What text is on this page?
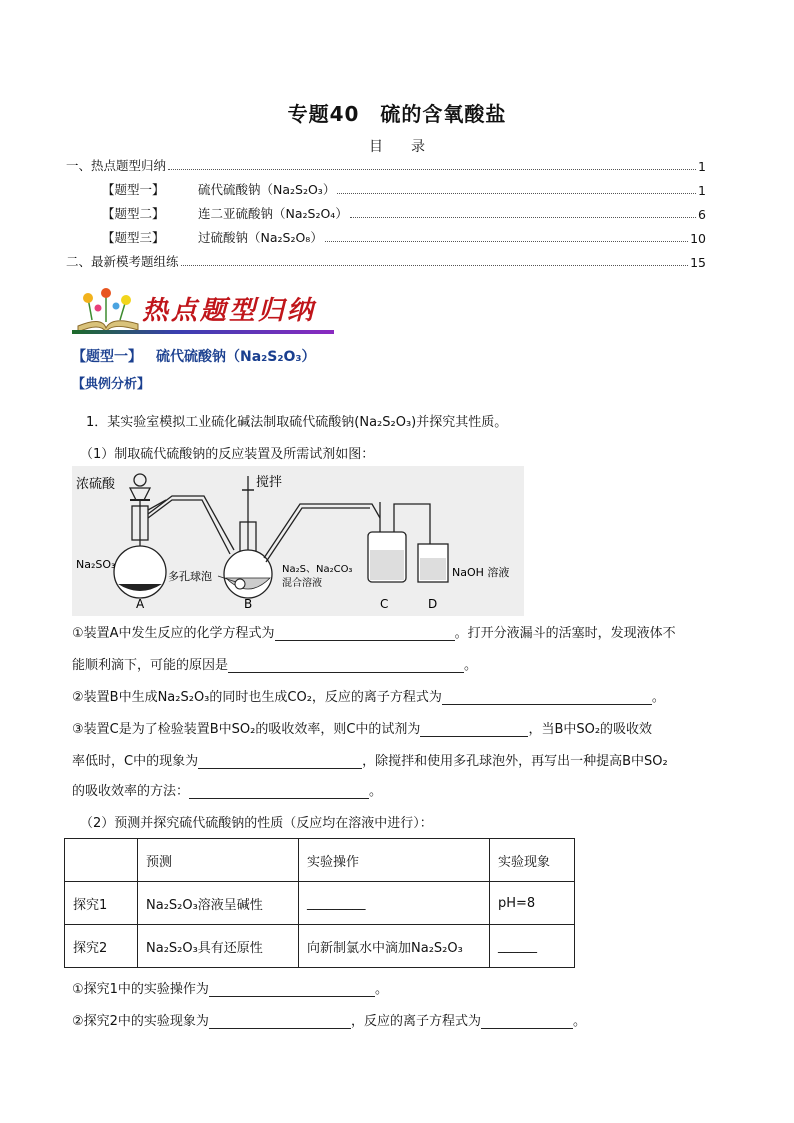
专题40　硫的含氧酸盐
目　　录
一、热点题型归纳	1
【题型一】	硫代硫酸钠（Na₂S₂O₃）	1
【题型二】	连二亚硫酸钠（Na₂S₂O₄）	6
【题型三】	过硫酸钠（Na₂S₂O₈）	10
二、最新模考题组练	15
热点题型归纳
【题型一】 硫代硫酸钠（Na₂S₂O₃）
【典例分析】
1．某实验室模拟工业硫化碱法制取硫代硫酸钠(Na₂S₂O₃)并探究其性质。
（1）制取硫代硫酸钠的反应装置及所需试剂如图：
浓硫酸
Na₂SO₃
A
搅拌
多孔球泡
Na₂S、Na₂CO₃
混合溶液
B	C
NaOH 溶液
D
①装置A中发生反应的化学方程式为	。打开分液漏斗的活塞时，发现液体不
能顺利滴下，可能的原因是	。
②装置B中生成Na₂S₂O₃的同时也生成CO₂，反应的离子方程式为	。
③装置C是为了检验装置B中SO₂的吸收效率，则C中的试剂为	，当B中SO₂的吸收效
率低时，C中的现象为	，除搅拌和使用多孔球泡外，再写出一种提高B中SO₂
的吸收效率的方法：	。
（2）预测并探究硫代硫酸钠的性质（反应均在溶液中进行）：
	预测	实验操作	实验现象
探究1	Na₂S₂O₃溶液呈碱性	_________	pH=8
探究2	Na₂S₂O₃具有还原性	向新制氯水中滴加Na₂S₂O₃	______
①探究1中的实验操作为	。
②探究2中的实验现象为	，反应的离子方程式为	。
